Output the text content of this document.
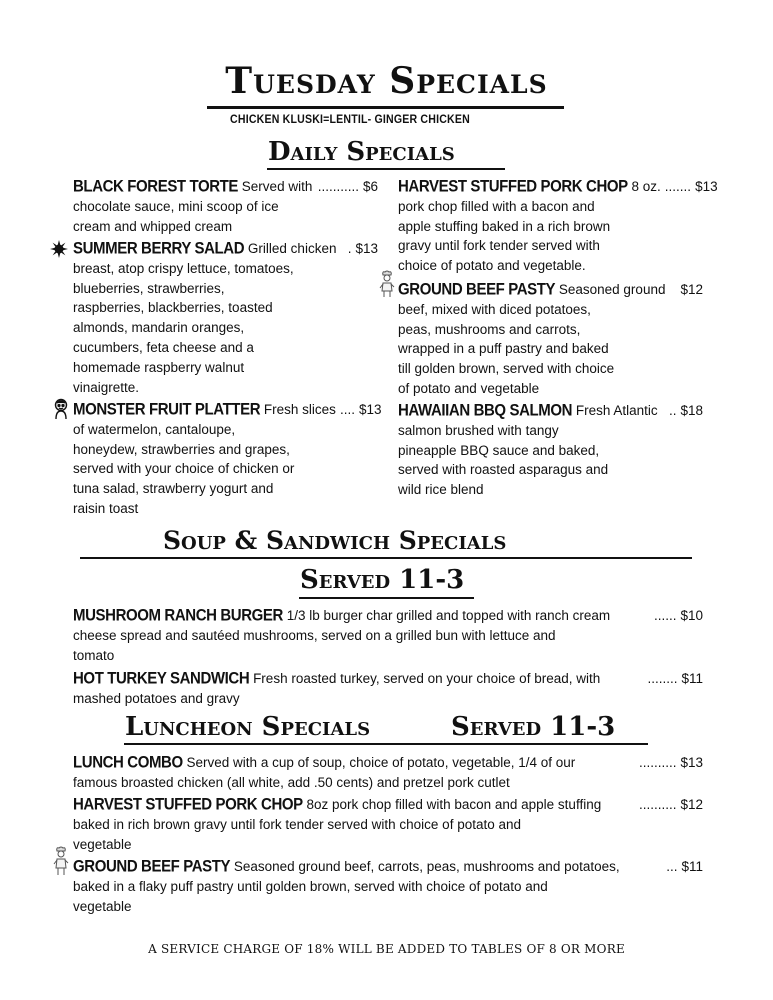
Tuesday Specials
CHICKEN KLUSKI=LENTIL- GINGER CHICKEN
Daily Specials
BLACK FOREST TORTE Served with ........... $6
chocolate sauce, mini scoop of ice
cream and whipped cream
SUMMER BERRY SALAD Grilled chicken . $13
breast, atop crispy lettuce, tomatoes,
blueberries, strawberries,
raspberries, blackberries, toasted
almonds, mandarin oranges,
cucumbers, feta cheese and a
homemade raspberry walnut
vinaigrette.
MONSTER FRUIT PLATTER Fresh slices .... $13
of watermelon, cantaloupe,
honeydew, strawberries and grapes,
served with your choice of chicken or
tuna salad, strawberry yogurt and
raisin toast
HARVEST STUFFED PORK CHOP 8 oz. ....... $13
pork chop filled with a bacon and
apple stuffing baked in a rich brown
gravy until fork tender served with
choice of potato and vegetable.
GROUND BEEF PASTY Seasoned ground	$12
beef, mixed with diced potatoes,
peas, mushrooms and carrots,
wrapped in a puff pastry and baked
till golden brown, served with choice
of potato and vegetable
HAWAIIAN BBQ SALMON Fresh Atlantic .. $18
salmon brushed with tangy
pineapple BBQ sauce and baked,
served with roasted asparagus and
wild rice blend
Soup & Sandwich Specials
Served 11-3
MUSHROOM RANCH BURGER 1/3 lb burger char grilled and topped with ranch cream	...... $10
cheese spread and sautéed mushrooms, served on a grilled bun with lettuce and
tomato
HOT TURKEY SANDWICH Fresh roasted turkey, served on your choice of bread, with	........ $11
mashed potatoes and gravy
Luncheon Specials	Served 11-3
LUNCH COMBO Served with a cup of soup, choice of potato, vegetable, 1/4 of our	.......... $13
famous broasted chicken (all white, add .50 cents) and pretzel pork cutlet
HARVEST STUFFED PORK CHOP 8oz pork chop filled with bacon and apple stuffing	.......... $12
baked in rich brown gravy until fork tender served with choice of potato and
vegetable
GROUND BEEF PASTY Seasoned ground beef, carrots, peas, mushrooms and potatoes,	... $11
baked in a flaky puff pastry until golden brown, served with choice of potato and
vegetable
A SERVICE CHARGE OF 18% WILL BE ADDED TO TABLES OF 8 OR MORE
